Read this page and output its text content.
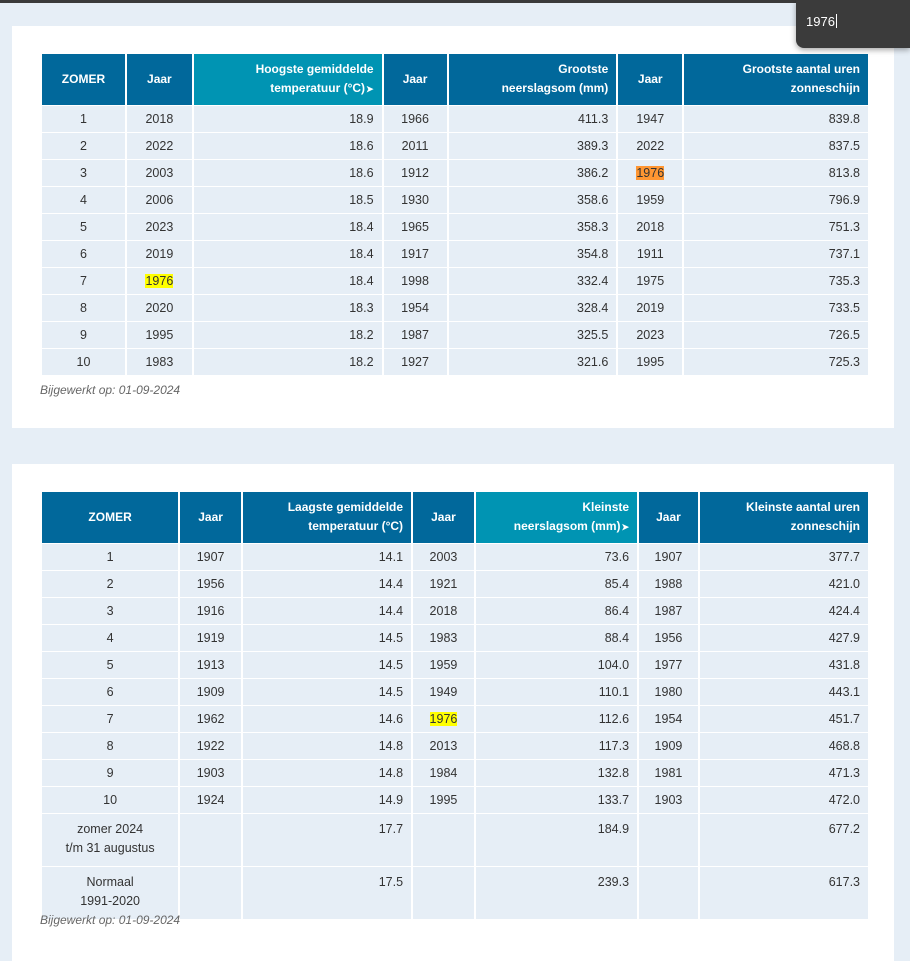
ZOMER	Jaar	Hoogste gemiddelde
temperatuur (°C)➤	Jaar	Grootste
neerslagsom (mm)	Jaar	Grootste aantal uren
zonneschijn
1	2018	18.9	1966	411.3	1947	839.8
2	2022	18.6	2011	389.3	2022	837.5
3	2003	18.6	1912	386.2	1976	813.8
4	2006	18.5	1930	358.6	1959	796.9
5	2023	18.4	1965	358.3	2018	751.3
6	2019	18.4	1917	354.8	1911	737.1
7	1976	18.4	1998	332.4	1975	735.3
8	2020	18.3	1954	328.4	2019	733.5
9	1995	18.2	1987	325.5	2023	726.5
10	1983	18.2	1927	321.6	1995	725.3
Bijgewerkt op: 01-09-2024
ZOMER	Jaar	Laagste gemiddelde
temperatuur (°C)	Jaar	Kleinste
neerslagsom (mm)➤	Jaar	Kleinste aantal uren
zonneschijn
1	1907	14.1	2003	73.6	1907	377.7
2	1956	14.4	1921	85.4	1988	421.0
3	1916	14.4	2018	86.4	1987	424.4
4	1919	14.5	1983	88.4	1956	427.9
5	1913	14.5	1959	104.0	1977	431.8
6	1909	14.5	1949	110.1	1980	443.1
7	1962	14.6	1976	112.6	1954	451.7
8	1922	14.8	2013	117.3	1909	468.8
9	1903	14.8	1984	132.8	1981	471.3
10	1924	14.9	1995	133.7	1903	472.0
zomer 2024
t/m 31 augustus		17.7		184.9		677.2
Normaal
1991-2020		17.5		239.3		617.3
Bijgewerkt op: 01-09-2024
1976
